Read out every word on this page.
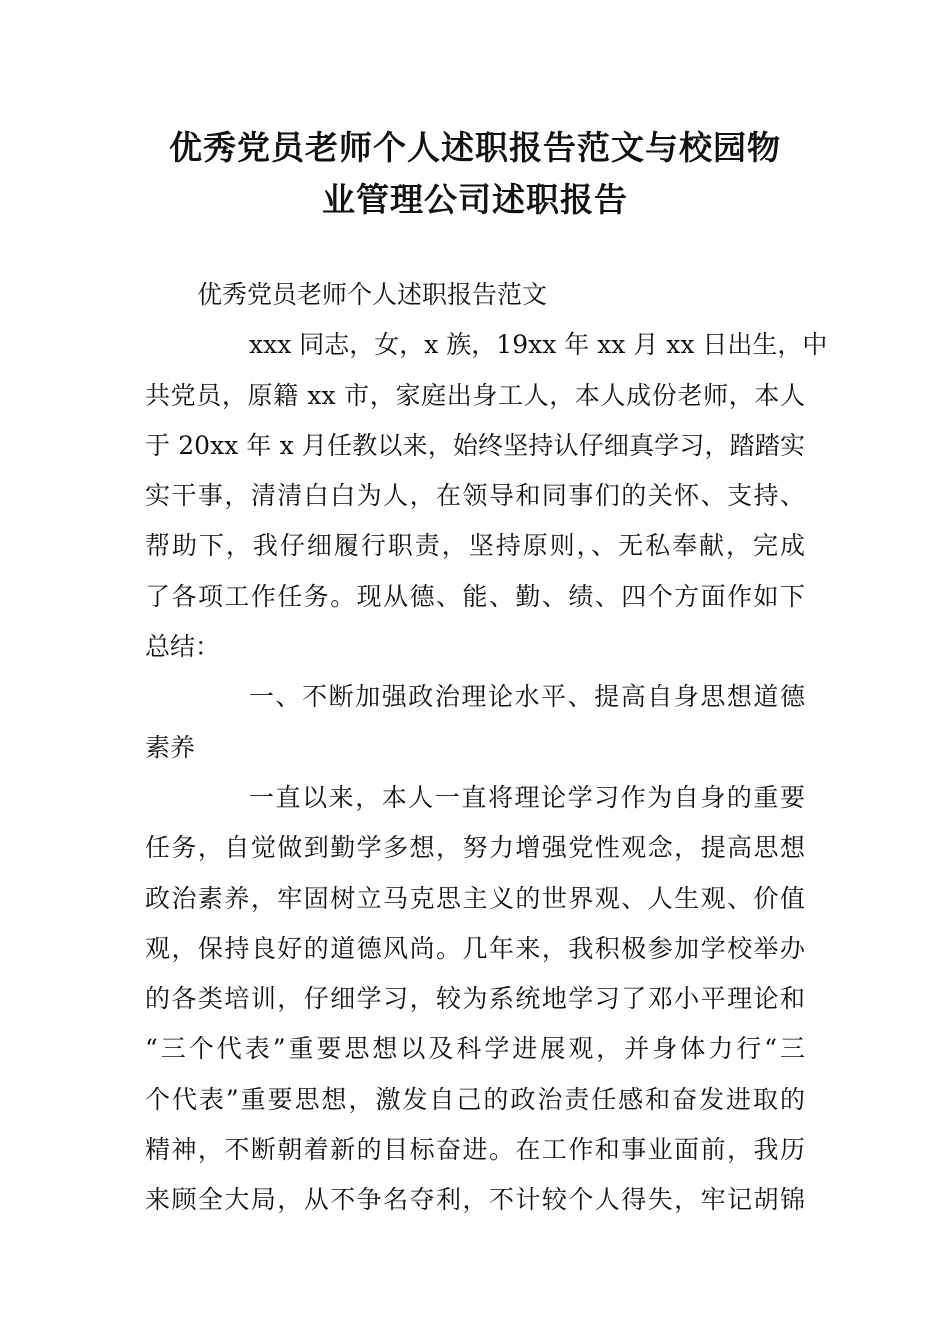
优秀党员老师个人述职报告范文与校园物
业管理公司述职报告
优秀党员老师个人述职报告范文
xxx 同志，女，x 族，19xx 年 xx 月 xx 日出生，中
共党员，原籍 xx 市，家庭出身工人，本人成份老师，本人
于 20xx 年 x 月任教以来，始终坚持认仔细真学习，踏踏实
实干事，清清白白为人，在领导和同事们的关怀、支持、
帮助下，我仔细履行职责，坚持原则，、无私奉献，完成
了各项工作任务。现从德、能、勤、绩、四个方面作如下
总结：
一、不断加强政治理论水平、提高自身思想道德
素养
一直以来，本人一直将理论学习作为自身的重要
任务，自觉做到勤学多想，努力增强党性观念，提高思想
政治素养，牢固树立马克思主义的世界观、人生观、价值
观，保持良好的道德风尚。几年来，我积极参加学校举办
的各类培训，仔细学习，较为系统地学习了邓小平理论和
“三个代表”重要思想以及科学进展观，并身体力行“三
个代表”重要思想，激发自己的政治责任感和奋发进取的
精神，不断朝着新的目标奋进。在工作和事业面前，我历
来顾全大局，从不争名夺利，不计较个人得失，牢记胡锦
